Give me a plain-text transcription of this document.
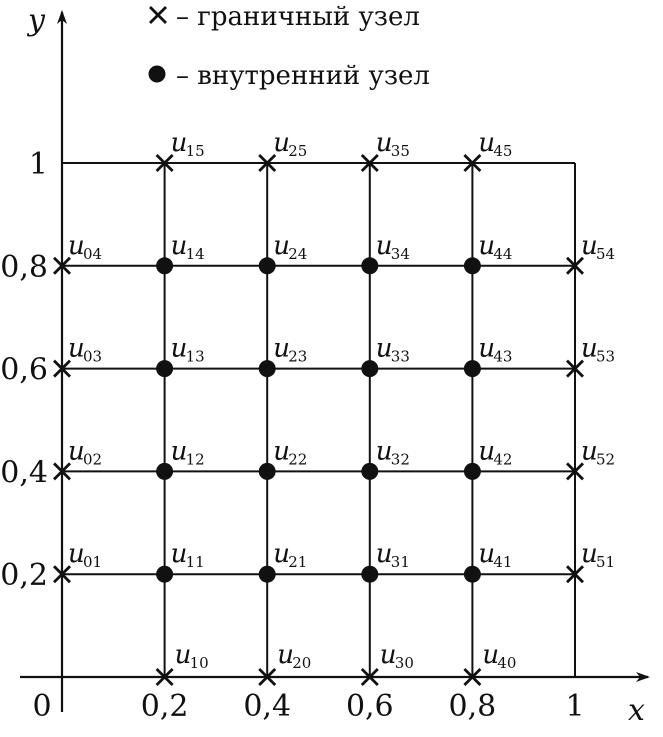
– граничный узел
– внутренний узел
y
x
0	0,2 0,4 0,6 0,8 1
0,2
0,4
0,6
0,8
1
u
01
u
02
u
03
u
04
u
10	u
20	u
30	u
40
u
15	u
25	u
35	u
45
u
51
u
52
u
53
u
54
u
11	u
21	u
31	u
41
u
12	u
22	u
32	u
42
u
13	u
23	u
33	u
43
u
14	u
24	u
34	u
44
